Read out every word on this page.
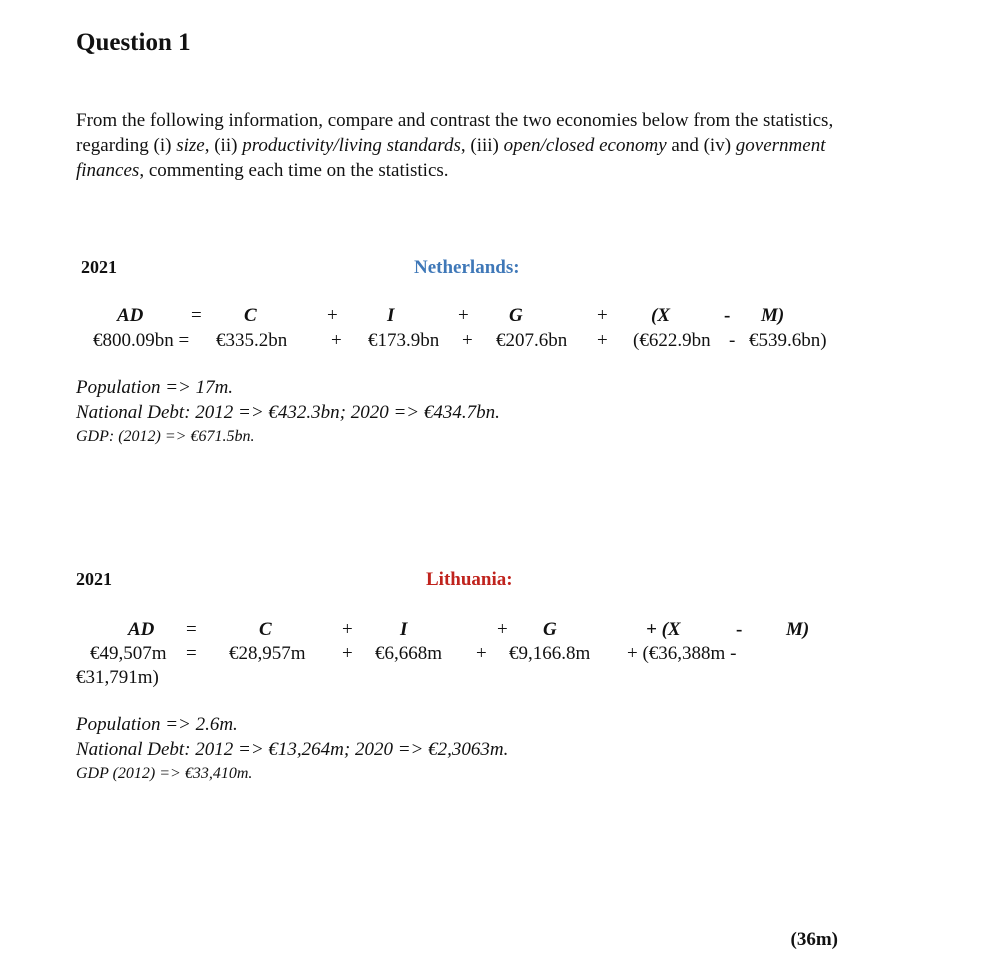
Question 1
From the following information, compare and contrast the two economies below from the statistics, regarding (i) size, (ii) productivity/living standards, (iii) open/closed economy and (iv) government finances, commenting each time on the statistics.
2021	Netherlands:
AD	= C	+	I	+ G	+ (X	- M)
€800.09bn = €335.2bn + €173.9bn + €207.6bn + (€622.9bn - €539.6bn)
Population => 17m.
National Debt: 2012 => €432.3bn; 2020 => €434.7bn.
GDP: (2012) => €671.5bn.
2021	Lithuania:
AD =	C	+ I	+ G	+ (X	- M)
€49,507m = €28,957m + €6,668m + €9,166.8m + (€36,388m -
€31,791m)
Population => 2.6m.
National Debt: 2012 => €13,264m; 2020 => €2,3063m.
GDP (2012) => €33,410m.
(36m)
